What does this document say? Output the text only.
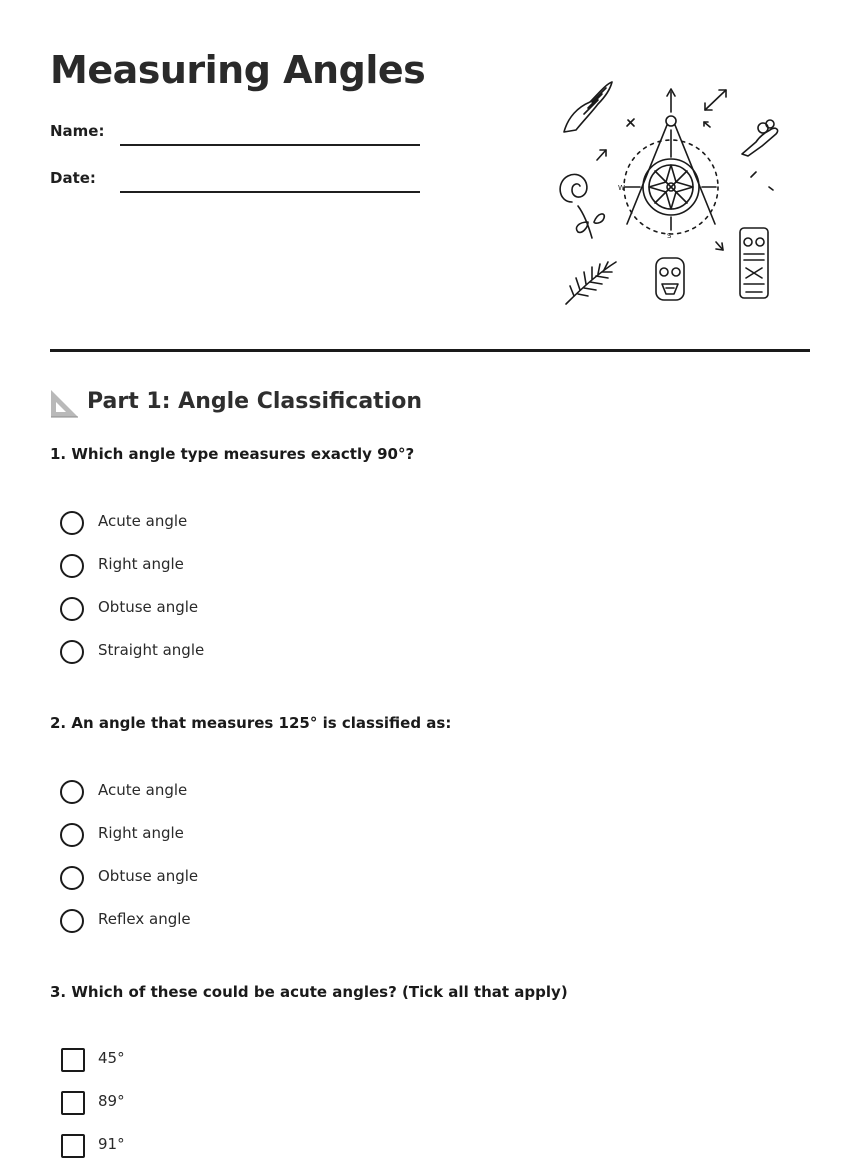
Measuring Angles
Name:
Date:
W
S
Part 1: Angle Classification
1. Which angle type measures exactly 90°?
Acute angle
Right angle
Obtuse angle
Straight angle
2. An angle that measures 125° is classified as:
Acute angle
Right angle
Obtuse angle
Reflex angle
3. Which of these could be acute angles? (Tick all that apply)
45°
89°
91°
